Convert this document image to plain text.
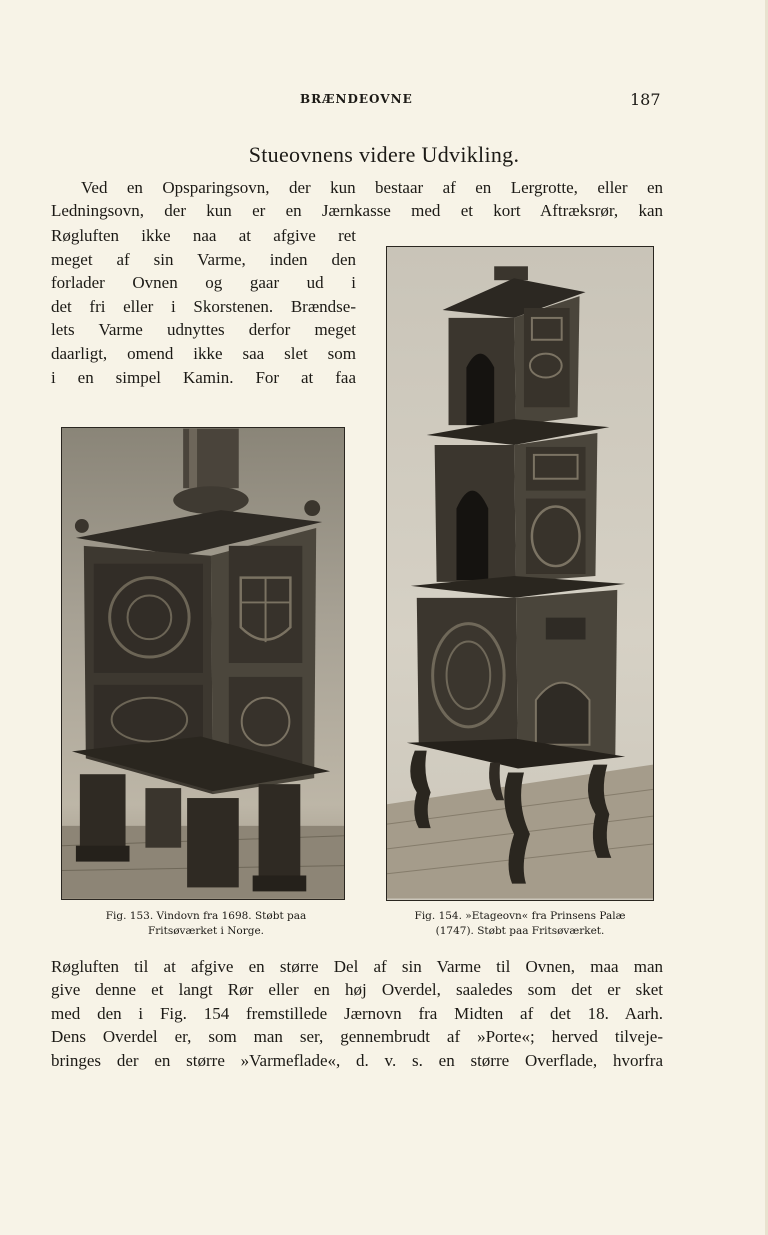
BRÆNDEOVNE	187
Stueovnens videre Udvikling.
Ved en Opsparingsovn, der kun bestaar af en Lergrotte, eller en
Ledningsovn, der kun er en Jærnkasse med et kort Aftræksrør, kan
Røgluften ikke naa at afgive ret
meget af sin Varme, inden den
forlader Ovnen og gaar ud i
det fri eller i Skorstenen. Brændse-
lets Varme udnyttes derfor meget
daarligt, omend ikke saa slet som
i en simpel Kamin. For at faa
Fig. 153. Vindovn fra 1698. Støbt paa
Fritsøværket i Norge.
Fig. 154. »Etageovn« fra Prinsens Palæ
(1747). Støbt paa Fritsøværket.
Røgluften til at afgive en større Del af sin Varme til Ovnen, maa man
give denne et langt Rør eller en høj Overdel, saaledes som det er sket
med den i Fig. 154 fremstillede Jærnovn fra Midten af det 18. Aarh.
Dens Overdel er, som man ser, gennembrudt af »Porte«; herved tilveje-
bringes der en større »Varmeflade«, d. v. s. en større Overflade, hvorfra
